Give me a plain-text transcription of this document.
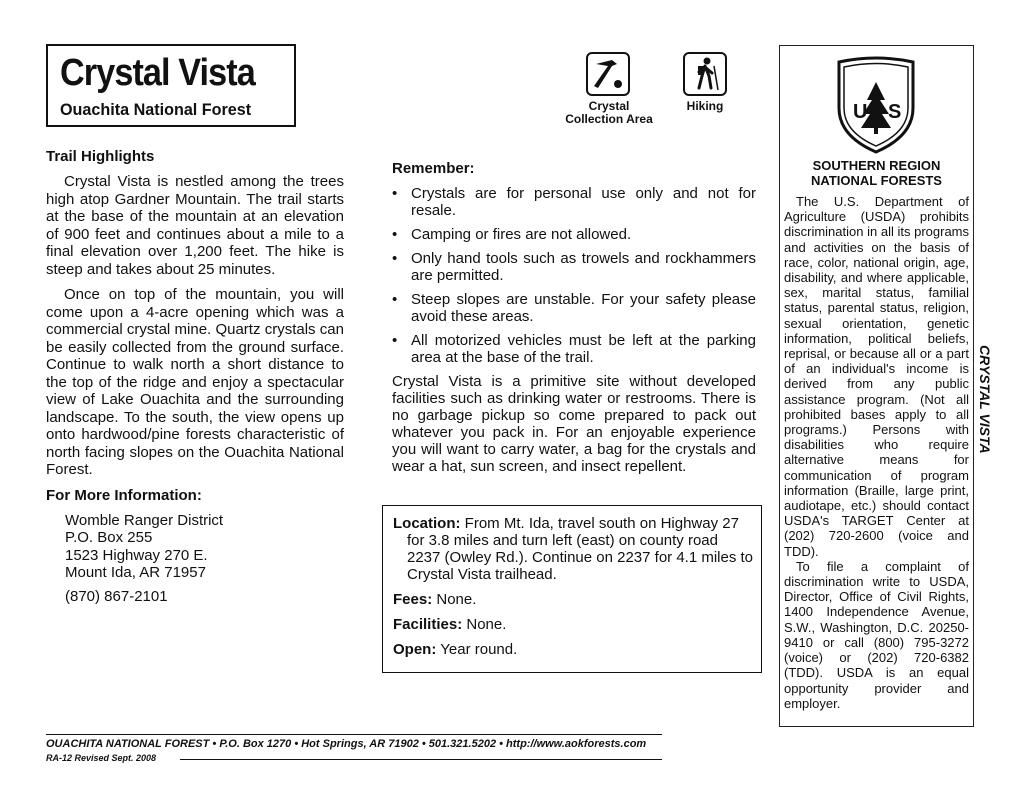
Crystal Vista
Ouachita National Forest	Crystal
Collection Area
Hiking
Trail Highlights

Crystal Vista is nestled among the trees high atop Gardner Mountain. The trail starts at the base of the mountain at an elevation of 900 feet and continues about a mile to a final elevation over 1,200 feet. The hike is steep and takes about 25 minutes.

Once on top of the mountain, you will come upon a 4-acre opening which was a commercial crystal mine. Quartz crystals can be easily collected from the ground surface. Continue to walk north a short distance to the top of the ridge and enjoy a spectacular view of Lake Ouachita and the surrounding landscape. To the south, the view opens up onto hardwood/pine forests characteristic of north facing slopes on the Ouachita National Forest.

For More Information:
Womble Ranger District
P.O. Box 255
1523 Highway 270 E.
Mount Ida, AR 71957
(870) 867-2101
Remember:
• Crystals are for personal use only and not for resale.
• Camping or fires are not allowed.
• Only hand tools such as trowels and rockhammers are permitted.
• Steep slopes are unstable. For your safety please avoid these areas.
• All motorized vehicles must be left at the parking area at the base of the trail.

Crystal Vista is a primitive site without developed facilities such as drinking water or restrooms. There is no garbage pickup so come prepared to pack out whatever you pack in. For an enjoyable experience you will want to carry water, a bag for the crystals and wear a hat, sun screen, and insect repellent.

Location: From Mt. Ida, travel south on Highway 27 for 3.8 miles and turn left (east) on county road 2237 (Owley Rd.). Continue on 2237 for 4.1 miles to Crystal Vista trailhead.

Fees: None.

Facilities: None.

Open: Year round.

U S
SOUTHERN REGION
NATIONAL FORESTS

The U.S. Department of Agriculture (USDA) prohibits discrimination in all its programs and activities on the basis of race, color, national origin, age, disability, and where applicable, sex, marital status, familial status, parental status, religion, sexual orientation, genetic information, political beliefs, reprisal, or because all or a part of an individual's income is derived from any public assistance program. (Not all prohibited bases apply to all programs.) Persons with disabilities who require alternative means for communication of program information (Braille, large print, audiotape, etc.) should contact USDA's TARGET Center at (202) 720-2600 (voice and TDD).

To file a complaint of discrimination write to USDA, Director, Office of Civil Rights, 1400 Independence Avenue, S.W., Washington, D.C. 20250-9410 or call (800) 795-3272 (voice) or (202) 720-6382 (TDD). USDA is an equal opportunity provider and employer.

CRYSTAL VISTA
OUACHITA NATIONAL FOREST • P.O. Box 1270 • Hot Springs, AR 71902 • 501.321.5202 • http://www.aokforests.com
RA-12 Revised Sept. 2008
